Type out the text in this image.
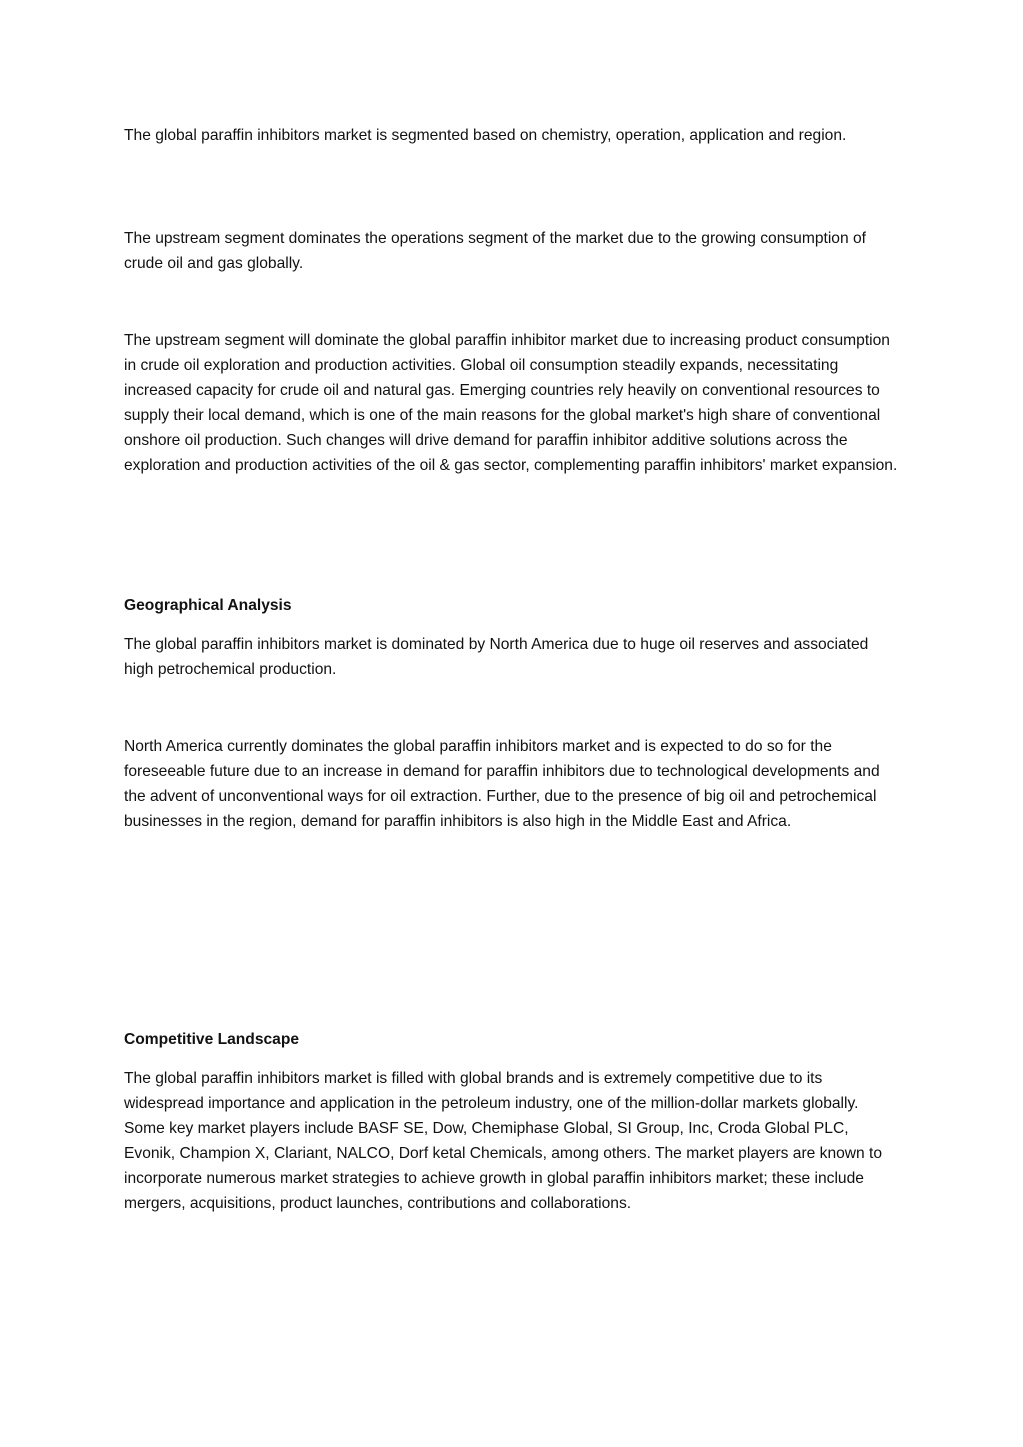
The global paraffin inhibitors market is segmented based on chemistry, operation, application and region.

The upstream segment dominates the operations segment of the market due to the growing consumption of crude oil and gas globally.

The upstream segment will dominate the global paraffin inhibitor market due to increasing product consumption in crude oil exploration and production activities. Global oil consumption steadily expands, necessitating increased capacity for crude oil and natural gas. Emerging countries rely heavily on conventional resources to supply their local demand, which is one of the main reasons for the global market's high share of conventional onshore oil production. Such changes will drive demand for paraffin inhibitor additive solutions across the exploration and production activities of the oil & gas sector, complementing paraffin inhibitors' market expansion.

Geographical Analysis

The global paraffin inhibitors market is dominated by North America due to huge oil reserves and associated high petrochemical production.

North America currently dominates the global paraffin inhibitors market and is expected to do so for the foreseeable future due to an increase in demand for paraffin inhibitors due to technological developments and the advent of unconventional ways for oil extraction. Further, due to the presence of big oil and petrochemical businesses in the region, demand for paraffin inhibitors is also high in the Middle East and Africa.

Competitive Landscape

The global paraffin inhibitors market is filled with global brands and is extremely competitive due to its widespread importance and application in the petroleum industry, one of the million-dollar markets globally. Some key market players include BASF SE, Dow, Chemiphase Global, SI Group, Inc, Croda Global PLC, Evonik, Champion X, Clariant, NALCO, Dorf ketal Chemicals, among others. The market players are known to incorporate numerous market strategies to achieve growth in global paraffin inhibitors market; these include mergers, acquisitions, product launches, contributions and collaborations.
